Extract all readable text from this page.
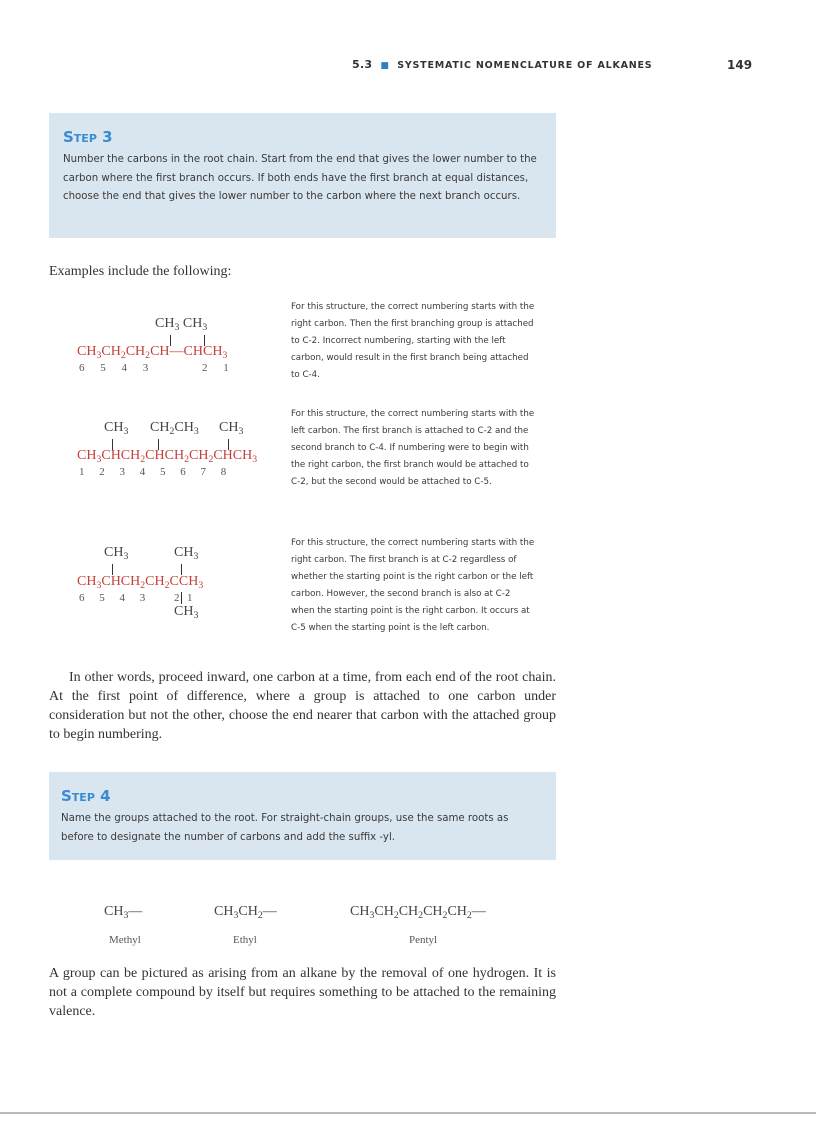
5.3 ■ SYSTEMATIC NOMENCLATURE OF ALKANES	149
Step 3
Number the carbons in the root chain. Start from the end that gives the lower number to the carbon where the first branch occurs. If both ends have the first branch at equal distances, choose the end that gives the lower number to the carbon where the next branch occurs.
Examples include the following:
$CH_3$ $CH_3$
$CH_3CH_2CH_2CH—CHCH_3$
6 5 4 3	2 1
For this structure, the correct numbering starts with the right carbon. Then the first branching group is attached to C-2. Incorrect numbering, starting with the left carbon, would result in the first branch being attached to C-4.
$CH_3$ $CH_2CH_3$ $CH_3$
$CH_3CHCH_2CHCH_2CH_2CHCH_3$
1 2 3 4 5 6 7 8
For this structure, the correct numbering starts with the left carbon. The first branch is attached to C-2 and the second branch to C-4. If numbering were to begin with the right carbon, the first branch would be attached to C-2, but the second would be attached to C-5.
$CH_3$	$CH_3$
$CH_3CHCH_2CH_2CCH_3$
6 5 4 3	2 1
$CH_3$
For this structure, the correct numbering starts with the right carbon. The first branch is at C-2 regardless of whether the starting point is the right carbon or the left carbon. However, the second branch is also at C-2 when the starting point is the right carbon. It occurs at C-5 when the starting point is the left carbon.
In other words, proceed inward, one carbon at a time, from each end of the root chain. At the first point of difference, where a group is attached to one carbon under consideration but not the other, choose the end nearer that carbon with the attached group to begin numbering.
Step 4
Name the groups attached to the root. For straight-chain groups, use the same roots as before to designate the number of carbons and add the suffix -yl.
$CH_3—$
Methyl
$CH_3CH_2—$
Ethyl
$CH_3CH_2CH_2CH_2CH_2—$
Pentyl
A group can be pictured as arising from an alkane by the removal of one hydrogen. It is not a complete compound by itself but requires something to be attached to the remaining valence.
